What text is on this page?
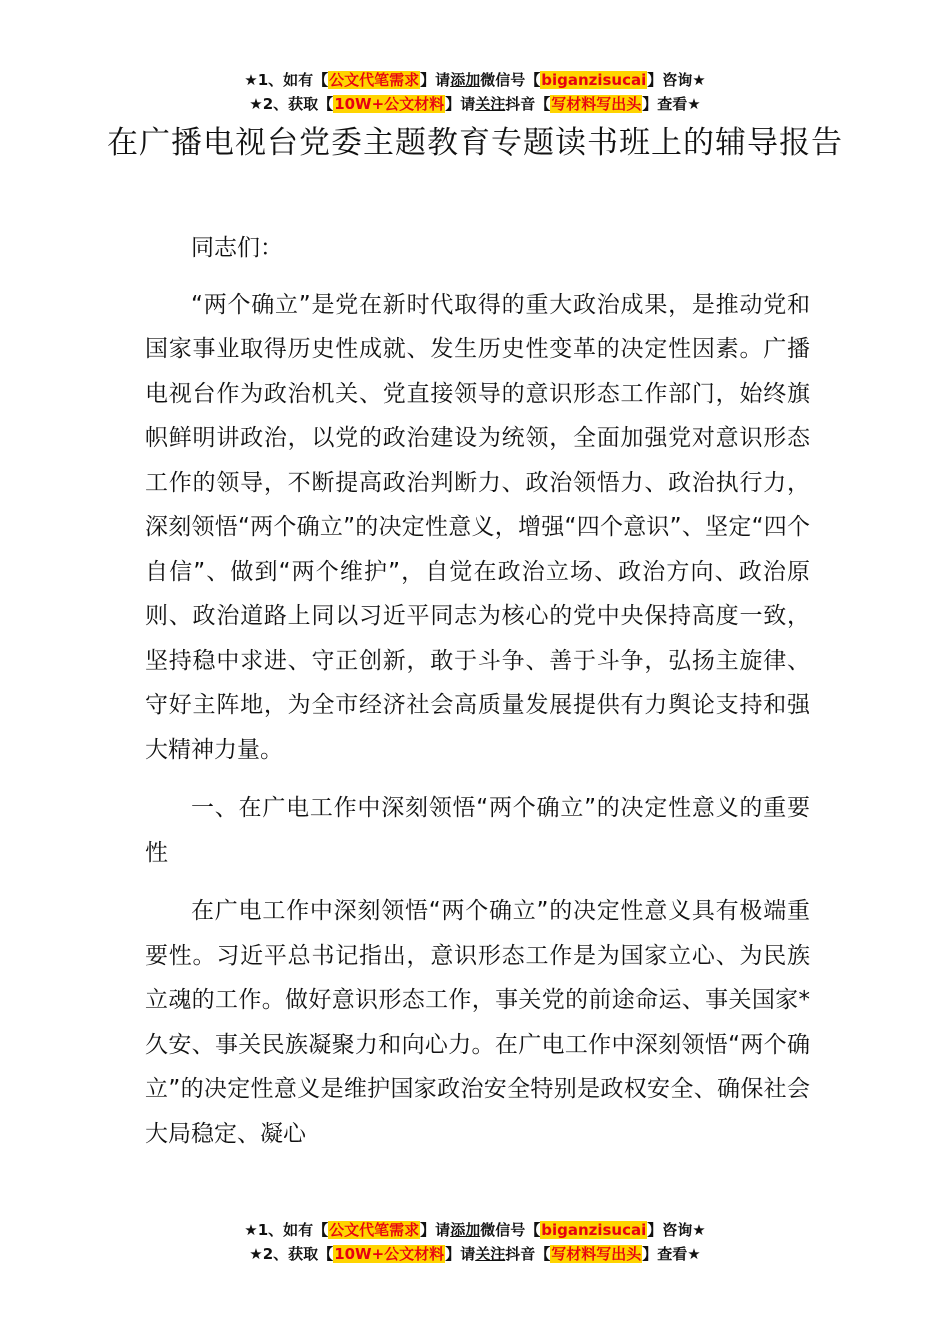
★1、如有【公文代笔需求】请添加微信号【biganzisucai】咨询★
★2、获取【10W+公文材料】请关注抖音【写材料写出头】查看★
在广播电视台党委主题教育专题读书班上的辅导报告

同志们：

“两个确立”是党在新时代取得的重大政治成果，是推动党和国家事业取得历史性成就、发生历史性变革的决定性因素。广播电视台作为政治机关、党直接领导的意识形态工作部门，始终旗帜鲜明讲政治，以党的政治建设为统领，全面加强党对意识形态工作的领导，不断提高政治判断力、政治领悟力、政治执行力，深刻领悟“两个确立”的决定性意义，增强“四个意识”、坚定“四个自信”、做到“两个维护”，自觉在政治立场、政治方向、政治原则、政治道路上同以习近平同志为核心的党中央保持高度一致，坚持稳中求进、守正创新，敢于斗争、善于斗争，弘扬主旋律、守好主阵地，为全市经济社会高质量发展提供有力舆论支持和强大精神力量。

一、在广电工作中深刻领悟“两个确立”的决定性意义的重要性

在广电工作中深刻领悟“两个确立”的决定性意义具有极端重要性。习近平总书记指出，意识形态工作是为国家立心、为民族立魂的工作。做好意识形态工作，事关党的前途命运、事关国家*久安、事关民族凝聚力和向心力。在广电工作中深刻领悟“两个确立”的决定性意义是维护国家政治安全特别是政权安全、确保社会大局稳定、凝心

★1、如有【公文代笔需求】请添加微信号【biganzisucai】咨询★
★2、获取【10W+公文材料】请关注抖音【写材料写出头】查看★
